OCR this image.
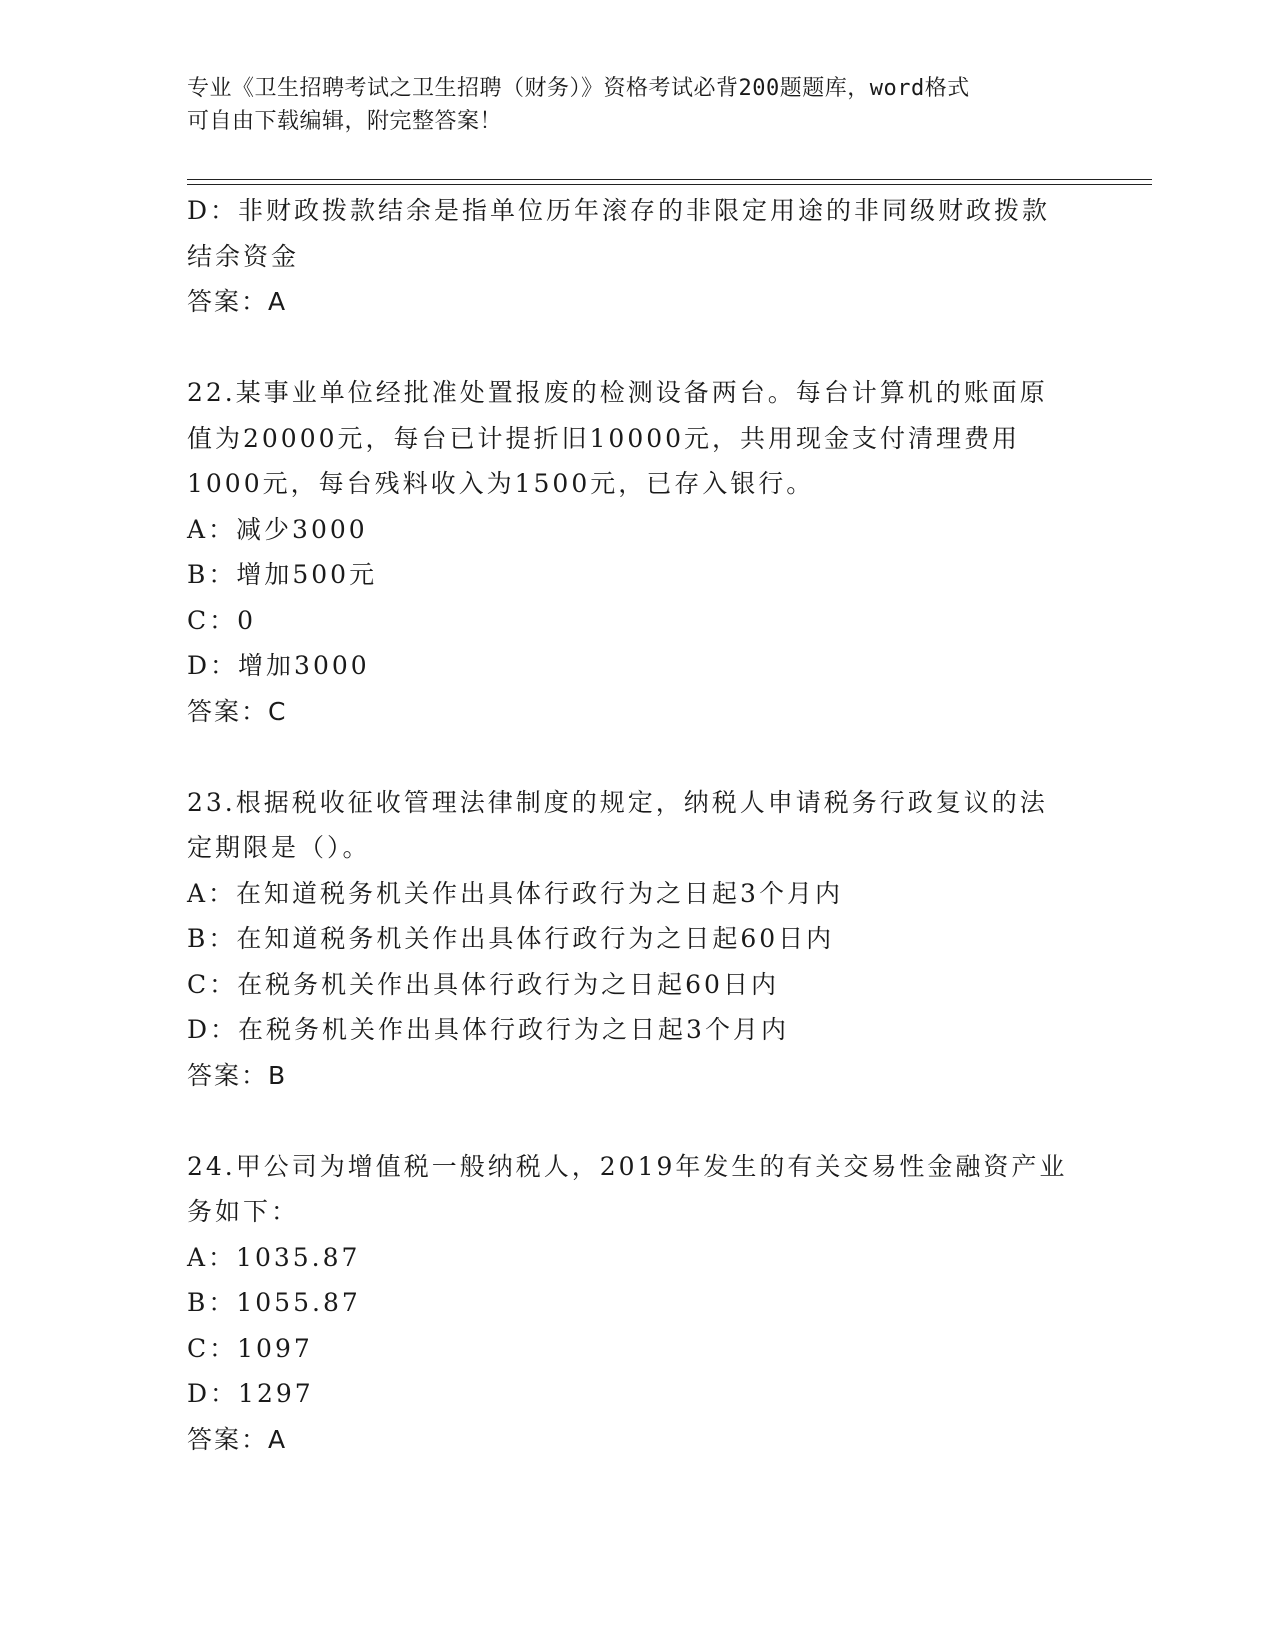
专业《卫生招聘考试之卫生招聘（财务）》资格考试必背200题题库，word格式
可自由下载编辑，附完整答案！
D：非财政拨款结余是指单位历年滚存的非限定用途的非同级财政拨款
结余资金
答案：A
22.某事业单位经批准处置报废的检测设备两台。每台计算机的账面原
值为20000元，每台已计提折旧10000元，共用现金支付清理费用
1000元，每台残料收入为1500元，已存入银行。
A：减少3000
B：增加500元
C：0
D：增加3000
答案：C
23.根据税收征收管理法律制度的规定，纳税人申请税务行政复议的法
定期限是（）。
A：在知道税务机关作出具体行政行为之日起3个月内
B：在知道税务机关作出具体行政行为之日起60日内
C：在税务机关作出具体行政行为之日起60日内
D：在税务机关作出具体行政行为之日起3个月内
答案：B
24.甲公司为增值税一般纳税人，2019年发生的有关交易性金融资产业
务如下：
A：1035.87
B：1055.87
C：1097
D：1297
答案：A
